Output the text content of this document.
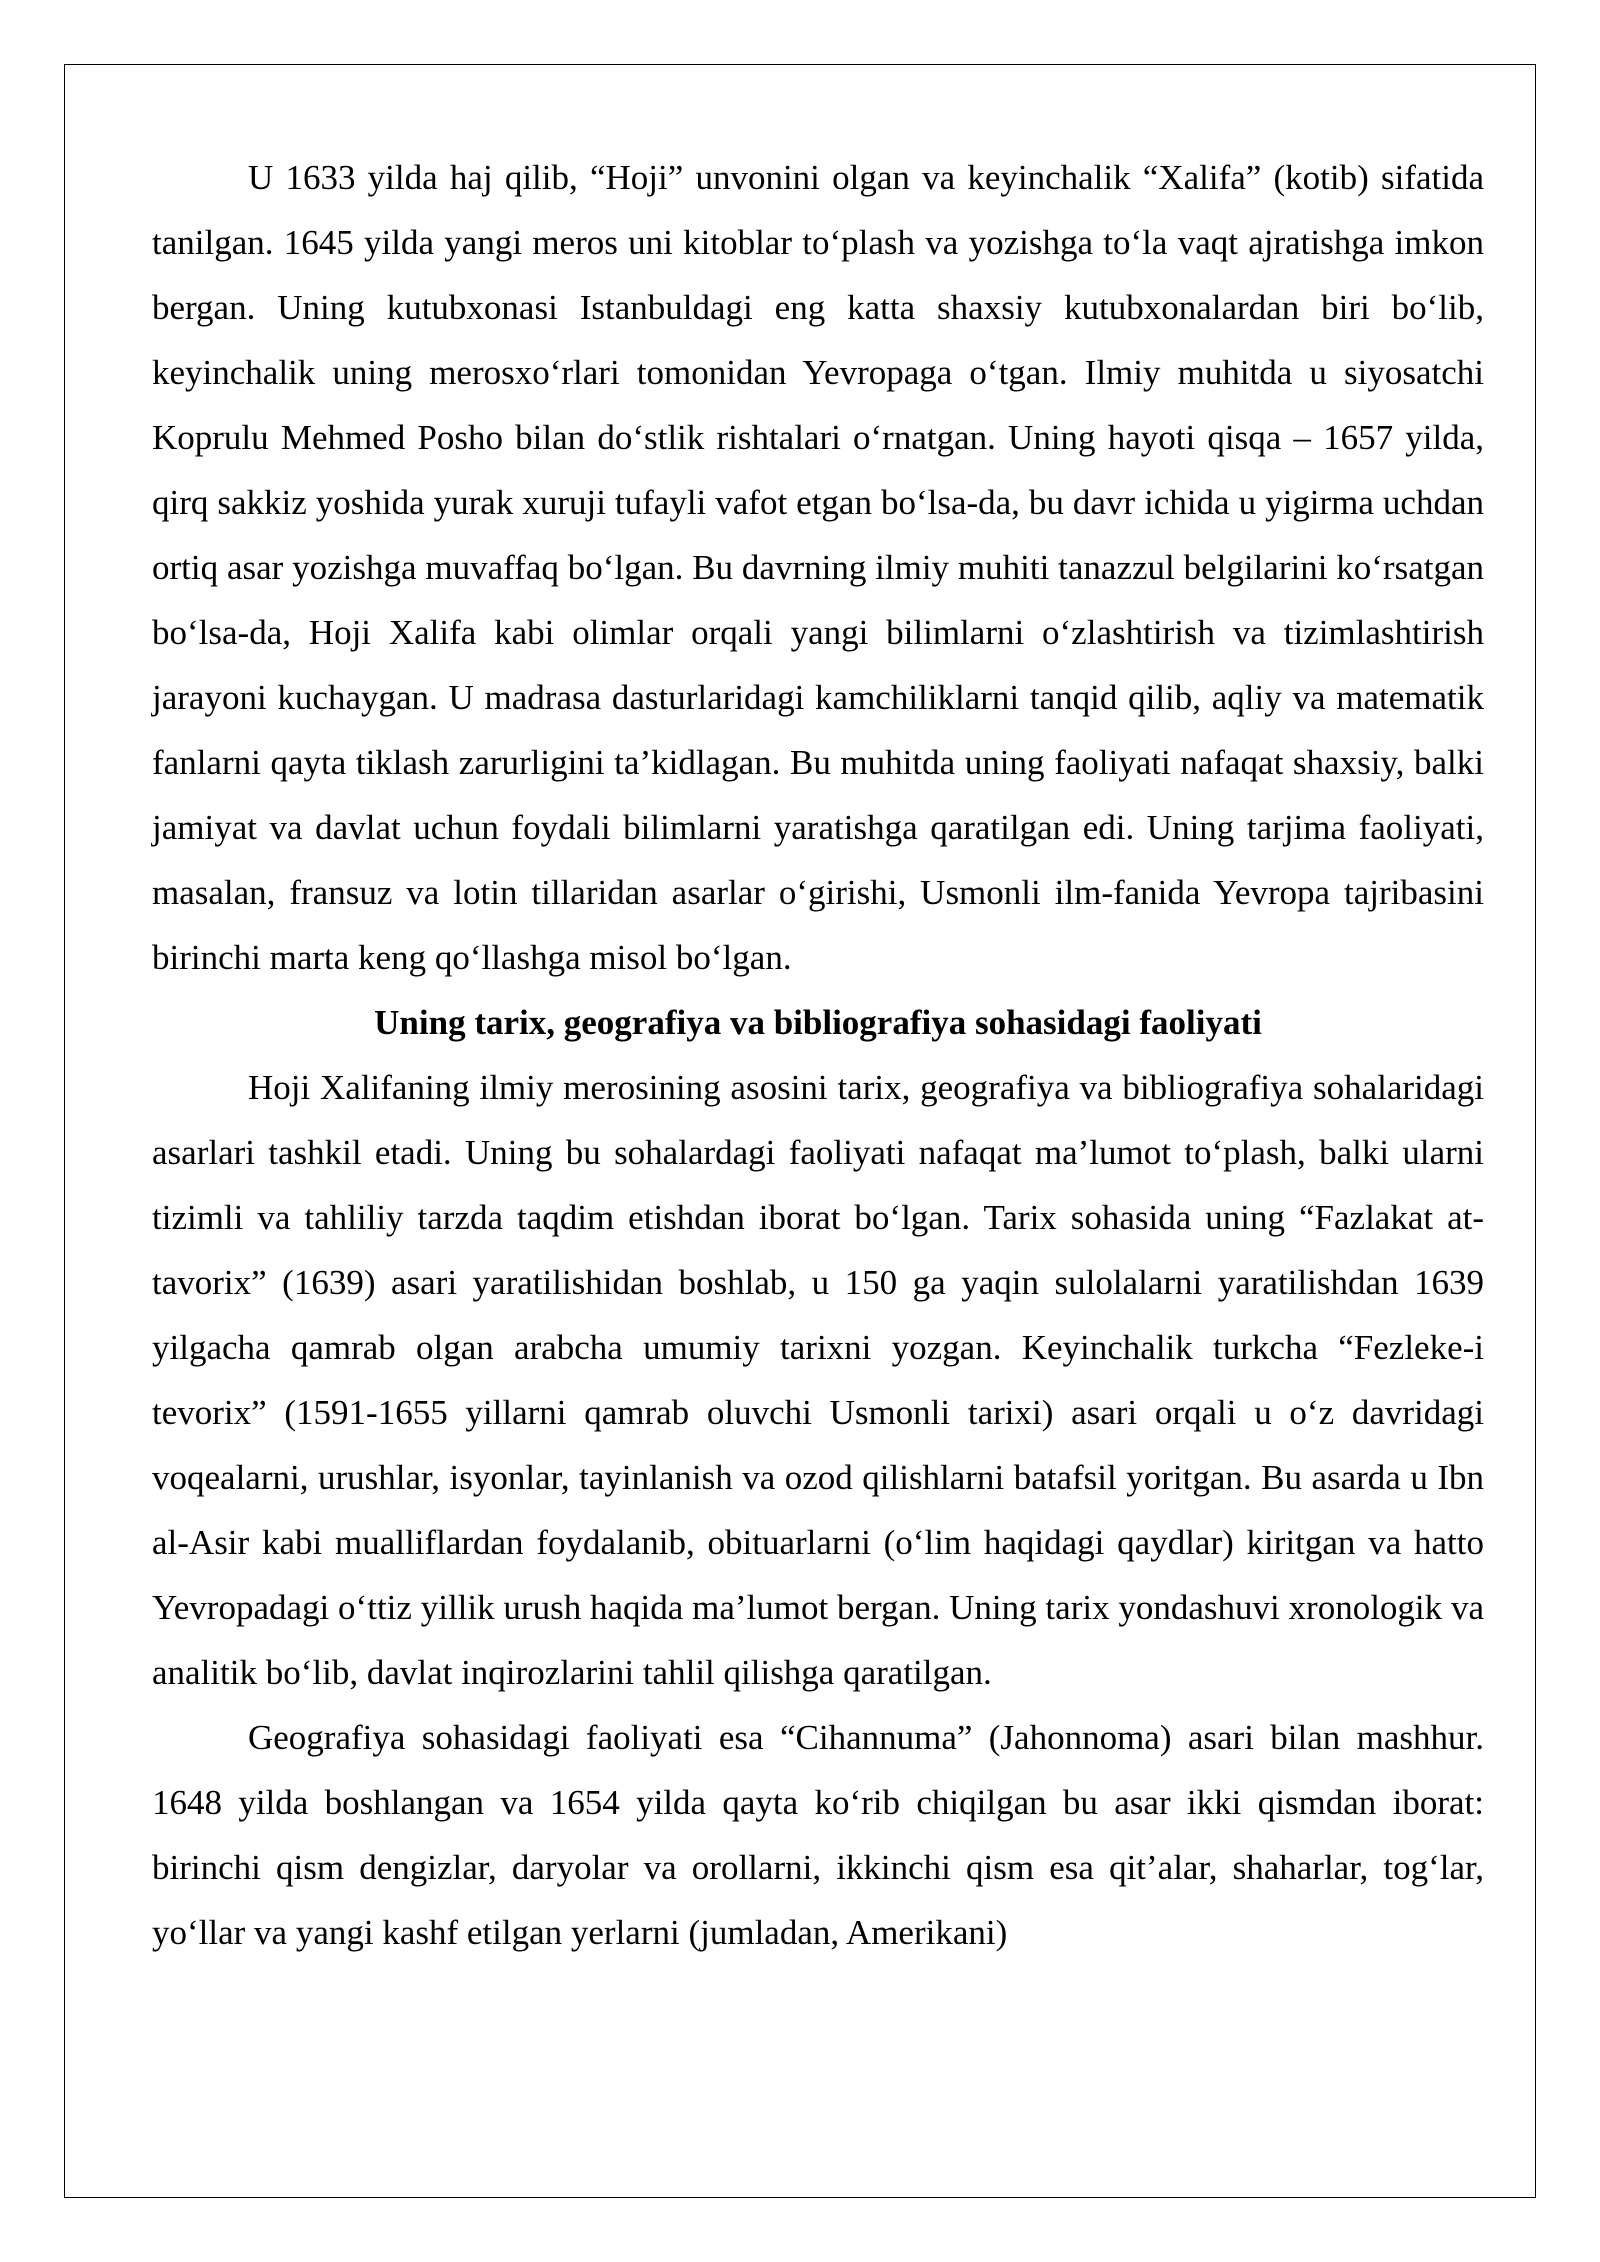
U 1633 yilda haj qilib, “Hoji” unvonini olgan va keyinchalik “Xalifa” (kotib) sifatida tanilgan. 1645 yilda yangi meros uni kitoblar to‘plash va yozishga to‘la vaqt ajratishga imkon bergan. Uning kutubxonasi Istanbuldagi eng katta shaxsiy kutubxonalardan biri bo‘lib, keyinchalik uning merosxo‘rlari tomonidan Yevropaga o‘tgan. Ilmiy muhitda u siyosatchi Koprulu Mehmed Posho bilan do‘stlik rishtalari o‘rnatgan. Uning hayoti qisqa – 1657 yilda, qirq sakkiz yoshida yurak xuruji tufayli vafot etgan bo‘lsa-da, bu davr ichida u yigirma uchdan ortiq asar yozishga muvaffaq bo‘lgan. Bu davrning ilmiy muhiti tanazzul belgilarini ko‘rsatgan bo‘lsa-da, Hoji Xalifa kabi olimlar orqali yangi bilimlarni o‘zlashtirish va tizimlashtirish jarayoni kuchaygan. U madrasa dasturlaridagi kamchiliklarni tanqid qilib, aqliy va matematik fanlarni qayta tiklash zarurligini ta’kidlagan. Bu muhitda uning faoliyati nafaqat shaxsiy, balki jamiyat va davlat uchun foydali bilimlarni yaratishga qaratilgan edi. Uning tarjima faoliyati, masalan, fransuz va lotin tillaridan asarlar o‘girishi, Usmonli ilm-fanida Yevropa tajribasini birinchi marta keng qo‘llashga misol bo‘lgan.

Uning tarix, geografiya va bibliografiya sohasidagi faoliyati

Hoji Xalifaning ilmiy merosining asosini tarix, geografiya va bibliografiya sohalaridagi asarlari tashkil etadi. Uning bu sohalardagi faoliyati nafaqat ma’lumot to‘plash, balki ularni tizimli va tahliliy tarzda taqdim etishdan iborat bo‘lgan. Tarix sohasida uning “Fazlakat at-tavorix” (1639) asari yaratilishidan boshlab, u 150 ga yaqin sulolalarni yaratilishdan 1639 yilgacha qamrab olgan arabcha umumiy tarixni yozgan. Keyinchalik turkcha “Fezleke-i tevorix” (1591-1655 yillarni qamrab oluvchi Usmonli tarixi) asari orqali u o‘z davridagi voqealarni, urushlar, isyonlar, tayinlanish va ozod qilishlarni batafsil yoritgan. Bu asarda u Ibn al-Asir kabi mualliflardan foydalanib, obituarlarni (o‘lim haqidagi qaydlar) kiritgan va hatto Yevropadagi o‘ttiz yillik urush haqida ma’lumot bergan. Uning tarix yondashuvi xronologik va analitik bo‘lib, davlat inqirozlarini tahlil qilishga qaratilgan.

Geografiya sohasidagi faoliyati esa “Cihannuma” (Jahonnoma) asari bilan mashhur. 1648 yilda boshlangan va 1654 yilda qayta ko‘rib chiqilgan bu asar ikki qismdan iborat: birinchi qism dengizlar, daryolar va orollarni, ikkinchi qism esa qit’alar, shaharlar, tog‘lar, yo‘llar va yangi kashf etilgan yerlarni (jumladan, Amerikani)
